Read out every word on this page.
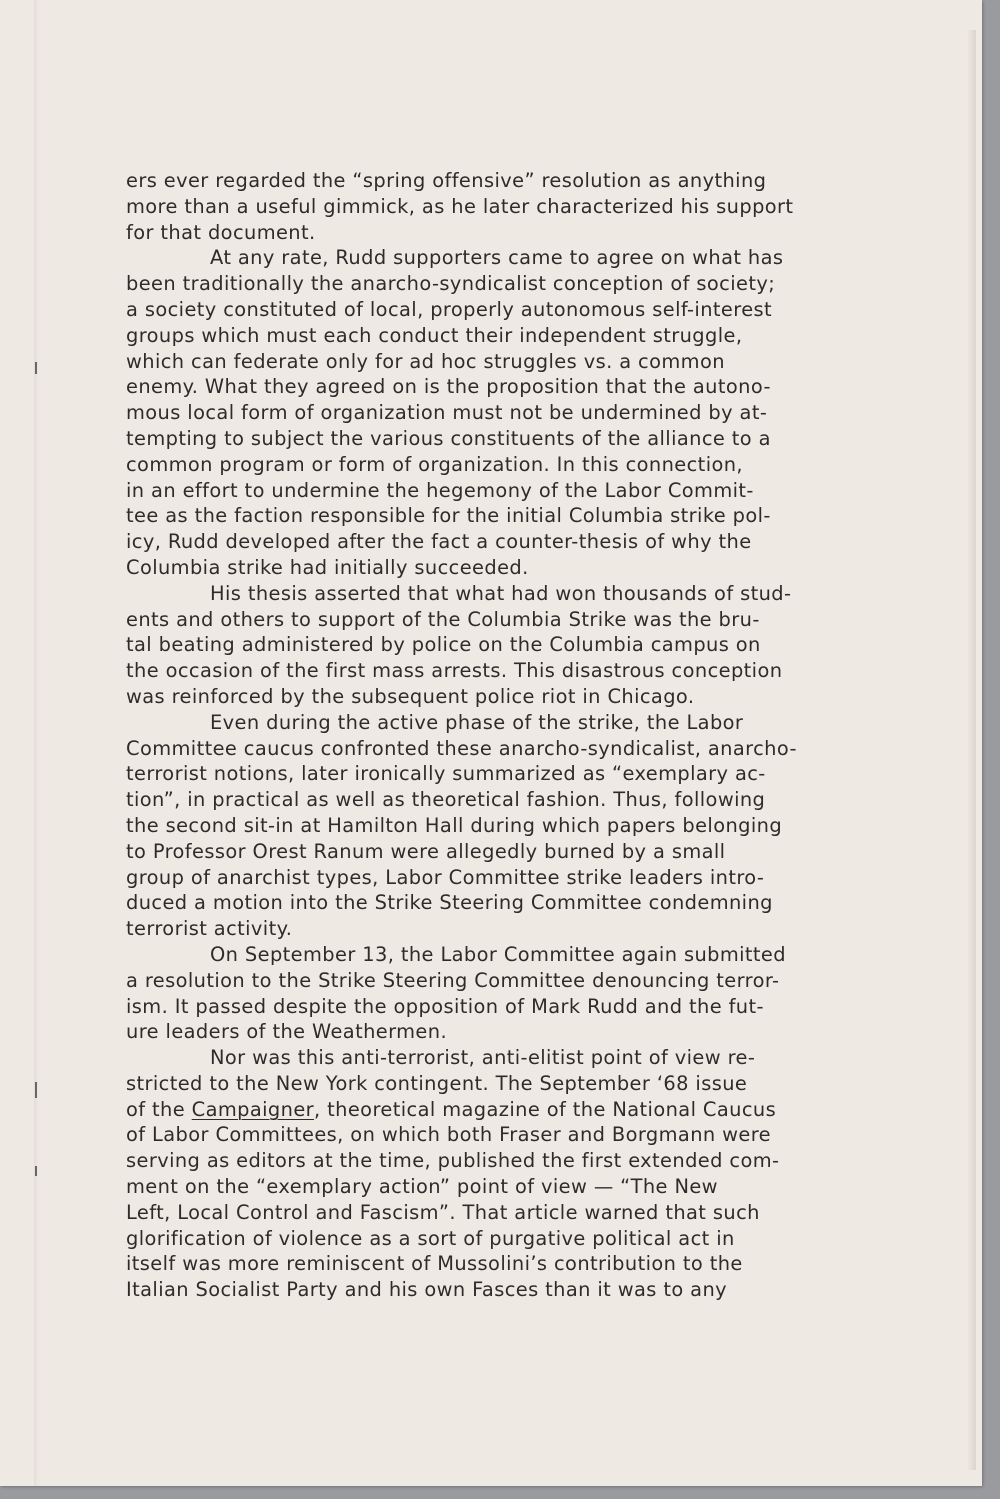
ers ever regarded the “spring offensive” resolution as anything
more than a useful gimmick, as he later characterized his support
for that document.
At any rate, Rudd supporters came to agree on what has
been traditionally the anarcho-syndicalist conception of society;
a society constituted of local, properly autonomous self-interest
groups which must each conduct their independent struggle,
which can federate only for ad hoc struggles vs. a common
enemy. What they agreed on is the proposition that the autono-
mous local form of organization must not be undermined by at-
tempting to subject the various constituents of the alliance to a
common program or form of organization. In this connection,
in an effort to undermine the hegemony of the Labor Commit-
tee as the faction responsible for the initial Columbia strike pol-
icy, Rudd developed after the fact a counter-thesis of why the
Columbia strike had initially succeeded.
His thesis asserted that what had won thousands of stud-
ents and others to support of the Columbia Strike was the bru-
tal beating administered by police on the Columbia campus on
the occasion of the first mass arrests. This disastrous conception
was reinforced by the subsequent police riot in Chicago.
Even during the active phase of the strike, the Labor
Committee caucus confronted these anarcho-syndicalist, anarcho-
terrorist notions, later ironically summarized as “exemplary ac-
tion”, in practical as well as theoretical fashion. Thus, following
the second sit-in at Hamilton Hall during which papers belonging
to Professor Orest Ranum were allegedly burned by a small
group of anarchist types, Labor Committee strike leaders intro-
duced a motion into the Strike Steering Committee condemning
terrorist activity.
On September 13, the Labor Committee again submitted
a resolution to the Strike Steering Committee denouncing terror-
ism. It passed despite the opposition of Mark Rudd and the fut-
ure leaders of the Weathermen.
Nor was this anti-terrorist, anti-elitist point of view re-
stricted to the New York contingent. The September ‘68 issue
of the Campaigner, theoretical magazine of the National Caucus
of Labor Committees, on which both Fraser and Borgmann were
serving as editors at the time, published the first extended com-
ment on the “exemplary action” point of view — “The New
Left, Local Control and Fascism”. That article warned that such
glorification of violence as a sort of purgative political act in
itself was more reminiscent of Mussolini’s contribution to the
Italian Socialist Party and his own Fasces than it was to any
